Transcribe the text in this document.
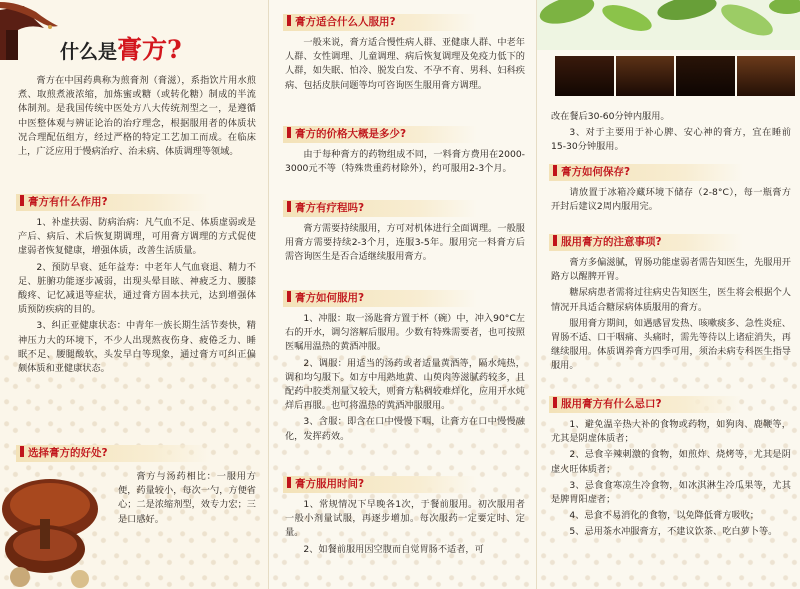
什么是膏方?

膏方在中国药典称为煎膏剂（膏滋），系指饮片用水煎煮、取煎煮液浓缩，加炼蜜或糖（或转化糖）制成的半流体制剂。是我国传统中医处方八大传统剂型之一，是遵循中医整体观与辨证论治的治疗理念，根据服用者的体质状况合理配伍组方，经过严格的特定工艺加工而成。在临床上，广泛应用于慢病治疗、治未病、体质调理等领域。

膏方有什么作用?

1、补虚扶弱、防病治病：凡气血不足、体质虚弱或是产后、病后、术后恢复期调理，可用膏方调理的方式促使虚弱者恢复健康，增强体质，改善生活质量。

2、预防早衰、延年益寿：中老年人气血衰退、精力不足、脏腑功能逐步减弱，出现头晕目眩、神疲乏力、腰膝酸疼、记忆减退等症状，通过膏方固本扶元，达到增强体质预防疾病的目的。

3、纠正亚健康状态：中青年一族长期生活节奏快，精神压力大的环境下，不少人出现熬夜伤身、疲倦乏力、睡眠不足、腰腿酸软、头发早白等现象，通过膏方可纠正偏颇体质和亚健康状态。

选择膏方的好处?

膏方与汤药相比：一服用方便，药量较小，每次一勺，方便省心；二是浓缩剂型，效专力宏；三是口感好。

膏方适合什么人服用?

一般来说，膏方适合慢性病人群、亚健康人群、中老年人群、女性调理、儿童调理、病后恢复调理及免疫力低下的人群，如失眠、怕冷、脱发白发、不孕不育、男科、妇科疾病、包括皮肤问题等均可咨询医生服用膏方调理。

膏方的价格大概是多少?

由于每种膏方的药物组成不同，一料膏方费用在2000-3000元不等（特殊贵重药材除外），约可服用2-3个月。

膏方有疗程吗?

膏方需要持续服用，方可对机体进行全面调理。一般服用膏方需要持续2-3个月，连服3-5年。服用完一料膏方后需咨询医生是否合适继续服用膏方。

膏方如何服用?

1、冲服：取一汤匙膏方置于杯（碗）中，冲入90°C左右的开水，调匀溶解后服用。少数有特殊需要者，也可按照医嘱用温热的黄酒冲服。

2、调服：用适当的汤药或者适量黄酒等，隔水炖热，调和均匀服下。如方中用熟地黄、山萸肉等滋腻药较多，且配药中胶类剂量又较大，则膏方粘稠较难烊化，应用开水炖烊后再服。也可将温热的黄酒冲服服用。

3、含服：即含在口中慢慢下咽，让膏方在口中慢慢融化，发挥药效。

膏方服用时间?

1、常规情况下早晚各1次，于餐前服用。初次服用者一般小剂量试服，再逐步增加。每次服药一定要定时、定量。

2、如餐前服用因空腹而自觉胃肠不适者，可

改在餐后30-60分钟内服用。

3、对于主要用于补心脾、安心神的膏方，宜在睡前15-30分钟服用。

膏方如何保存?

请放置于冰箱冷藏环境下储存（2-8°C），每一瓶膏方开封后建议2周内服用完。

服用膏方的注意事项?

膏方多偏滋腻，胃肠功能虚弱者需告知医生，先服用开路方以醒脾开胃。

糖尿病患者需将过往病史告知医生，医生将会根据个人情况开具适合糖尿病体质服用的膏方。

服用膏方期间，如遇感冒发热、咳嗽痰多、急性炎症、胃肠不适、口干咽痛、头痛时，需先等待以上诸症消失，再继续服用。体质调养膏方四季可用，须治未病专科医生指导服用。

服用膏方有什么忌口?

1、避免温辛热大补的食物或药物，如狗肉、鹿鞭等，尤其是阴虚体质者；

2、忌食辛辣刺激的食物，如煎炸、烧烤等，尤其是阴虚火旺体质者；

3、忌食食寒凉生冷食物，如冰淇淋生冷瓜果等，尤其是脾胃阳虚者；

4、忌食不易消化的食物，以免降低膏方吸收；

5、忌用茶水冲服膏方，不建议饮茶、吃白萝卜等。
